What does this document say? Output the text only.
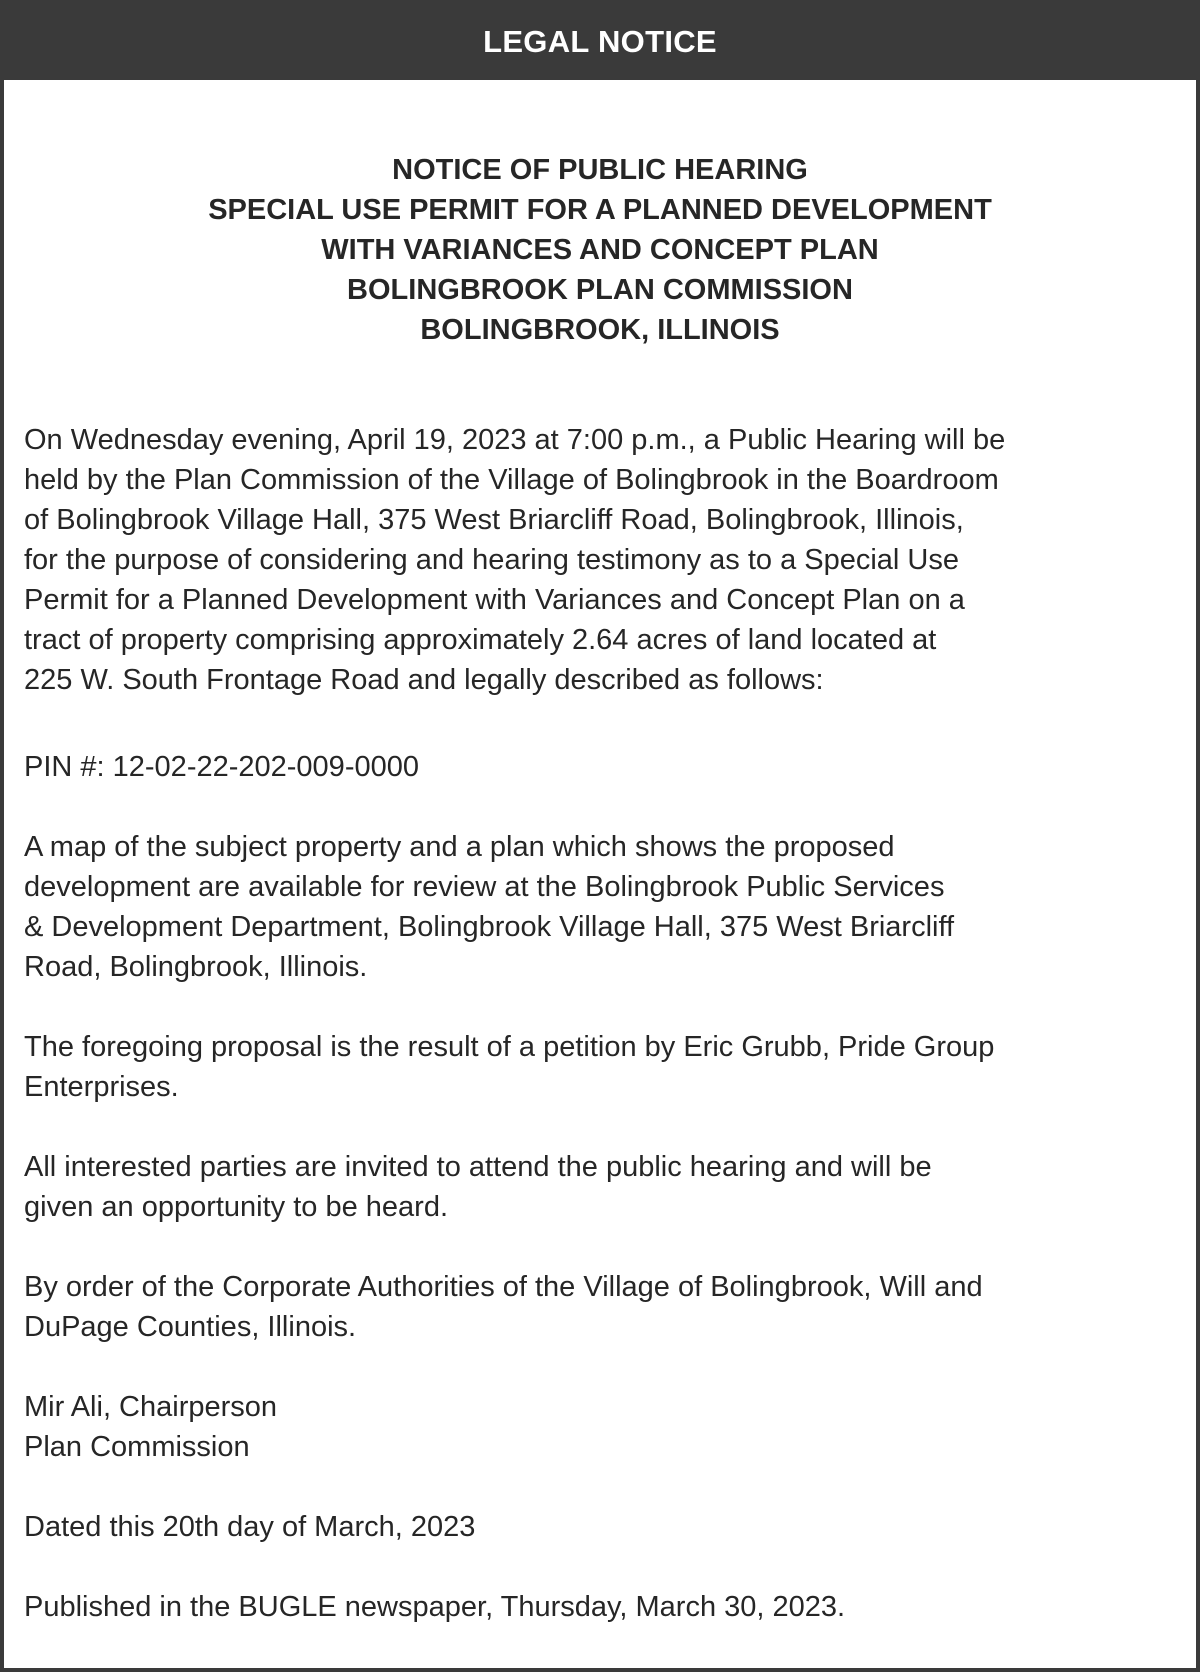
LEGAL NOTICE
NOTICE OF PUBLIC HEARING
SPECIAL USE PERMIT FOR A PLANNED DEVELOPMENT
WITH VARIANCES AND CONCEPT PLAN
BOLINGBROOK PLAN COMMISSION
BOLINGBROOK, ILLINOIS
On Wednesday evening, April 19, 2023 at 7:00 p.m., a Public Hearing will be
held by the Plan Commission of the Village of Bolingbrook in the Boardroom
of Bolingbrook Village Hall, 375 West Briarcliff Road, Bolingbrook, Illinois,
for the purpose of considering and hearing testimony as to a Special Use
Permit for a Planned Development with Variances and Concept Plan on a
tract of property comprising approximately 2.64 acres of land located at
225 W. South Frontage Road and legally described as follows:
PIN #: 12-02-22-202-009-0000
A map of the subject property and a plan which shows the proposed
development are available for review at the Bolingbrook Public Services
& Development Department, Bolingbrook Village Hall, 375 West Briarcliff
Road, Bolingbrook, Illinois.
The foregoing proposal is the result of a petition by Eric Grubb, Pride Group
Enterprises.
All interested parties are invited to attend the public hearing and will be
given an opportunity to be heard.
By order of the Corporate Authorities of the Village of Bolingbrook, Will and
DuPage Counties, Illinois.
Mir Ali, Chairperson
Plan Commission
Dated this 20th day of March, 2023
Published in the BUGLE newspaper, Thursday, March 30, 2023.
